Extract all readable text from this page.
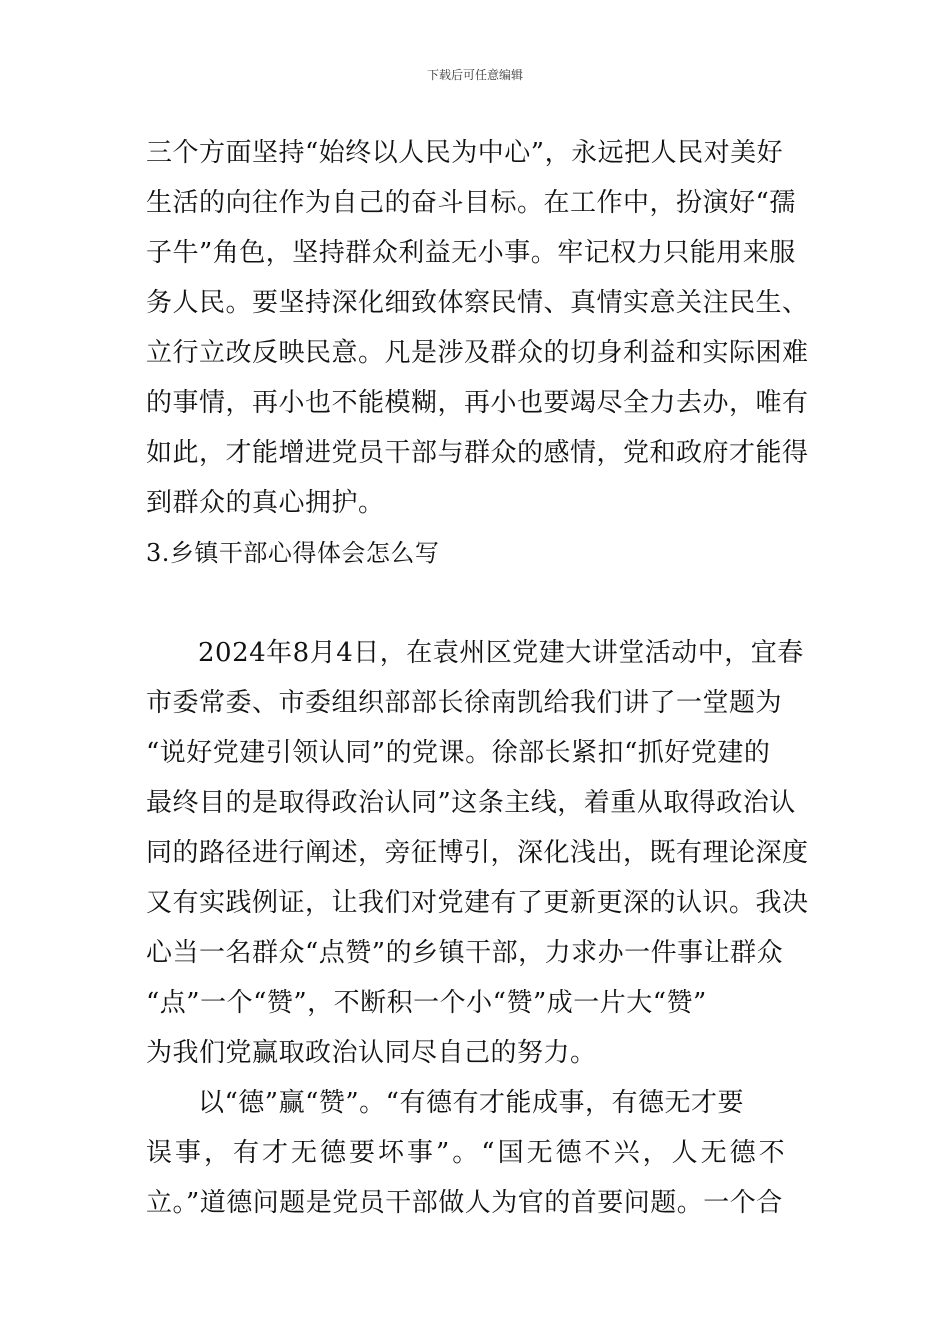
下载后可任意编辑
三个方面坚持“始终以人民为中心”，永远把人民对美好
生活的向往作为自己的奋斗目标。在工作中，扮演好“孺
子牛”角色，坚持群众利益无小事。牢记权力只能用来服
务人民。要坚持深化细致体察民情、真情实意关注民生、
立行立改反映民意。凡是涉及群众的切身利益和实际困难
的事情，再小也不能模糊，再小也要竭尽全力去办，唯有
如此，才能增进党员干部与群众的感情，党和政府才能得
到群众的真心拥护。
3.乡镇干部心得体会怎么写
2024年8月4日，在袁州区党建大讲堂活动中，宜春
市委常委、市委组织部部长徐南凯给我们讲了一堂题为
“说好党建引领认同”的党课。徐部长紧扣“抓好党建的
最终目的是取得政治认同”这条主线，着重从取得政治认
同的路径进行阐述，旁征博引，深化浅出，既有理论深度
又有实践例证，让我们对党建有了更新更深的认识。我决
心当一名群众“点赞”的乡镇干部，力求办一件事让群众
“点”一个“赞”，不断积一个小“赞”成一片大“赞”
为我们党赢取政治认同尽自己的努力。
以“德”赢“赞”。“有德有才能成事，有德无才要
误事，有才无德要坏事”。“国无德不兴，人无德不
立。”道德问题是党员干部做人为官的首要问题。一个合
